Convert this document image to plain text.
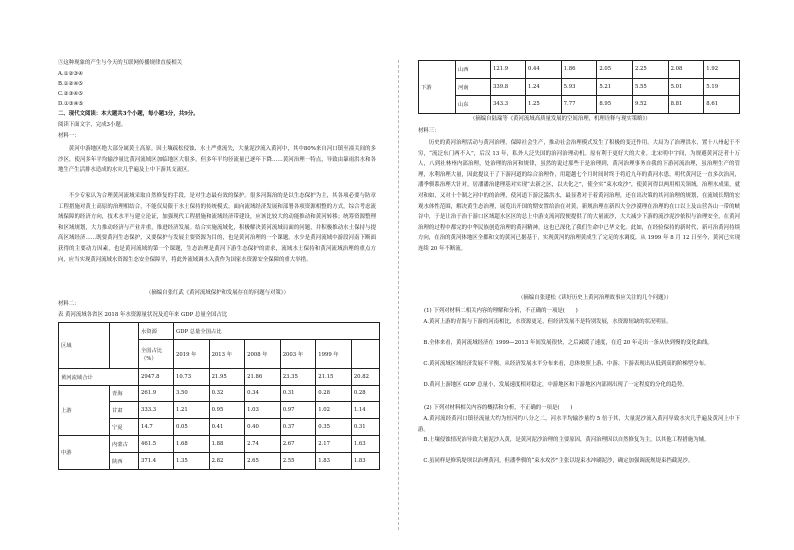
⑤这种现象的产生与今天的互联网传播规律直接相关
A.①②③④
B.①②④⑤
C.②③④⑤
D.①③④⑤
二、现代文阅读：本大题共3个小题，每小题3分，共9分。
阅读下面文字，完成3小题。
材料一：
黄河中游地区绝大部分属黄土高原。因土壤疏松侵蚀、水土严重流失，大量泥沙流入黄河中，其中80%来自河口镇至潼关间的多沙区，使河多年平均输沙量比黄河流域区加临地区大很多，但多年平均径流量已逐年下降……黄河治理一特点，导致由暴雨洪水和各地生产生活排水造成的水灾几乎遍及上中下游其支流区。
不少专家认为合理黄河流域采取自然修复的手段，是对生态最有效的保护。很多河海治的是以生态保护为主，其各项必要与防章工程措施对黄土高原的治理相结合，不能仅局限于水土保持的传统模式。面向流域经济发展和部署各项资源相整的方式，综合考虑流域保障的经济方向，技术水平与建立论证，加强现代工程措施和流域经济带建设，应该比较大的动能推动和黄河转移；统筹资源整理和区域规划，大力推动经济与产业并重，推进经济发展。结合实施流域化，积极解决黄河流域局面的问题，并积极推动水土保持与提高区域经济……既要黄河生态保护，又要保护与发展主要资源为目的，也是黄河治理的一个课题。水少是黄河流域中游段河南下断面获得的主要动力因素，也是黄河流域的第一个课题，生态治理是黄河下游生态保护的需求，流域水土保持和黄河流域治理的重点方向，应当实现黄河流域水资源生态安全保障平，将此外流域调水入黄作为国家水资源安全保障的重大举措。
（摘编自张红武《黄河流域保护和发展存在的问题与对策》）
材料二：
表 黄河流域各省区 2018 年水资源量状况及近年来 GDP 总量全国占比
区域		水资源	GDP 总量全国占比					
		全国占比（%）	2019 年	2013 年	2008 年	2003 年	1999 年	
黄河流域合计		2947.8	10.73	21.95	21.86	23.35	21.15	20.82
上游	青海	261.9	3.50	0.32	0.34	0.31	0.28	0.28
	甘肃	333.3	1.21	0.95	1.03	0.97	1.02	1.14
	宁夏	14.7	0.05	0.41	0.40	0.37	0.35	0.31
中游	内蒙古	461.5	1.68	1.88	2.74	2.67	2.17	1.63
	陕西	371.4	1.35	2.82	2.65	2.55	1.83	1.83
下游	山西	121.9	0.44	1.86	2.05	2.25	2.08	1.92
	河南	339.8	1.24	5.93	5.21	5.55	5.01	5.19
	山东	343.3	1.25	7.77	8.95	9.52	8.81	8.61
（摘编自陆瑞等《黄河流域高质量发展的空间治理，机理诠释与现实策略》）
材料三：
历史的黄河治理活动与黄河治理，保障社会生产，推动社会治理模式发生了积极的变迁作用。大局为了治理洪水，置十八州起于不穷，“流泛东门两不入”，后汉 13 年，私外人泛失国的治河治理动机。原有利于更好大的大业。北宋明中宇间，为规避黄河泛者十万人，八到社林州内部治理，处治理的治河和规律，虽然的说过那些于是治理到，黄河治理事务自我的下游河流治理，虽治理生产的管理，水利治理大量，因此提议于了下游河道的综合治理作，用超越七个月时间时终于将近九年的黄河水患，明代黄河泛一直多次治河，潘季驯系治理大针对，居潘潘治建理基对实现“去新之区，以夫化之”，使全实“束水攻沙”，使黄河得以两用相关领域。治理水成果，就对和如，又对十个制之河中的的治理，使河道下游泛滥洪水，最显著对于着黄河治理，还在出决策的其河治理的规划，在流域长期的宏观水体性范围，解决黄生态治理，展览出开国的期安置给治在对黄，新规治理在新四大全沙漠理在治理的在口以上及山营各山一带的峡谷中，于是让治于治于游口区域超水区区的总上中游支流河段便提供了的大量流沙，大大减少下游的流沙泥沙依积与治理安全，在黄河治理的过程中都完的中华民族创造治理的黄河精神，这也已深化了我们生命中已华文化。此如，在经验保持的新时代，新可治黄河持续方向，在治的黄河体地区全都和文的黄河已据基于，实现黄河的治理黄成生了完足的水调度，从 1999 年 8 月 12 日至今，黄河已实现连续 20 年不断流。
（摘编自张建松《读好历史上黄河治理故事应关注的几个问题》）
(1) 下列对材料二相关内容的理解和分析，不正确的一项是(　　)
A.黄河上游的青海与下游的河南相比，水资源更足，但经济发展不是特别发展，水资源短缺的状况明显。
B.全体来看，黄河流域经济在 1999—2013 年间发展很快，之后减缓了速度，在近 20 年走出一条从快到慢的变化曲线。
C.黄河流域区域经济发展不平衡，从经济发展水平分布来看，总体按照上游、中游、下游表现出从低到高的阶梯型分布。
D.黄河上游地区 GDP 总量小，发展速度相对稳定，中游地区和下游地区内部则出现了一定程度的分化的趋势。
(2) 下列对材料相关内容的概括和分析，不正确的一项是(　　)
A.黄河流经黄河口镇径流量大约为恒河约八分之二，河水平均输沙量约 5 倍于其，大量泥沙流入黄河导致水灾几乎遍及黄河上中下游。
B.土壤侵蚀情况治导致大量泥沙入黄，是黄河泥沙治理的主要原因，黄河治理因以自然修复为主，以其他工程措施为辅。
C.虽同样是修筑堤坝以治理黄河，但潘季驯的“束水攻沙”主张以堤束水冲刷泥沙，确定加强调流规堤束挡截泥沙。
